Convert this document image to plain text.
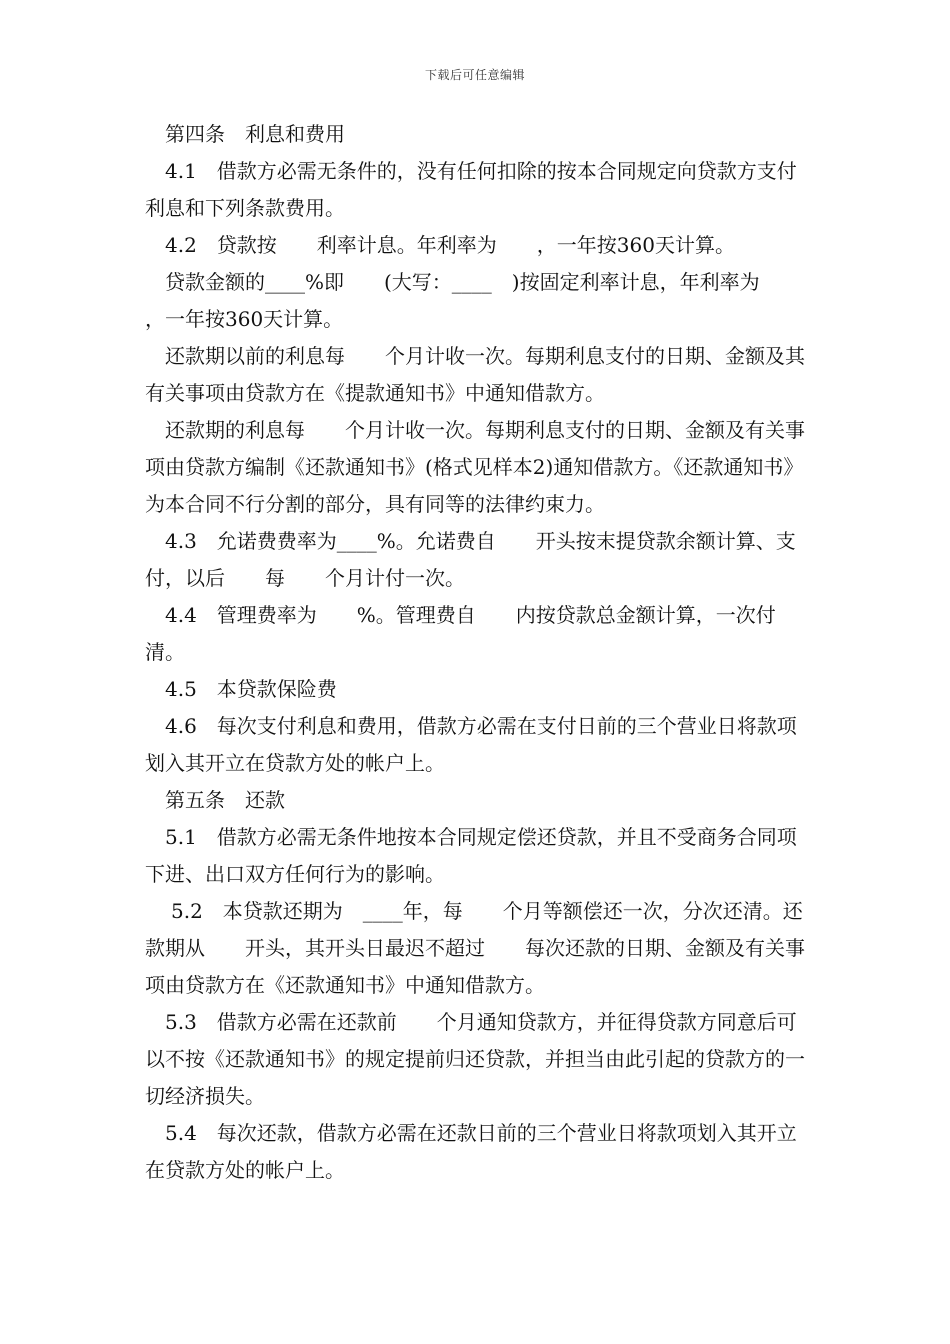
下载后可任意编辑

第四条　利息和费用

4.1　借款方必需无条件的，没有任何扣除的按本合同规定向贷款方支付利息和下列条款费用。

4.2　贷款按　　利率计息。年利率为　　，一年按360天计算。

贷款金额的____%即　　(大写：____　)按固定利率计息，年利率为　　，一年按360天计算。

还款期以前的利息每　　个月计收一次。每期利息支付的日期、金额及其有关事项由贷款方在《提款通知书》中通知借款方。

还款期的利息每　　个月计收一次。每期利息支付的日期、金额及有关事项由贷款方编制《还款通知书》(格式见样本2)通知借款方。《还款通知书》为本合同不行分割的部分，具有同等的法律约束力。

4.3　允诺费费率为____%。允诺费自　　开头按末提贷款余额计算、支付，以后　　每　　个月计付一次。

4.4　管理费率为　　%。管理费自　　内按贷款总金额计算，一次付清。

4.5　本贷款保险费

4.6　每次支付利息和费用，借款方必需在支付日前的三个营业日将款项划入其开立在贷款方处的帐户上。

第五条　还款

5.1　借款方必需无条件地按本合同规定偿还贷款，并且不受商务合同项下进、出口双方任何行为的影响。

5.2　本贷款还期为　____年，每　　个月等额偿还一次，分次还清。还款期从　　开头，其开头日最迟不超过　　每次还款的日期、金额及有关事项由贷款方在《还款通知书》中通知借款方。

5.3　借款方必需在还款前　　个月通知贷款方，并征得贷款方同意后可以不按《还款通知书》的规定提前归还贷款，并担当由此引起的贷款方的一切经济损失。

5.4　每次还款，借款方必需在还款日前的三个营业日将款项划入其开立在贷款方处的帐户上。
